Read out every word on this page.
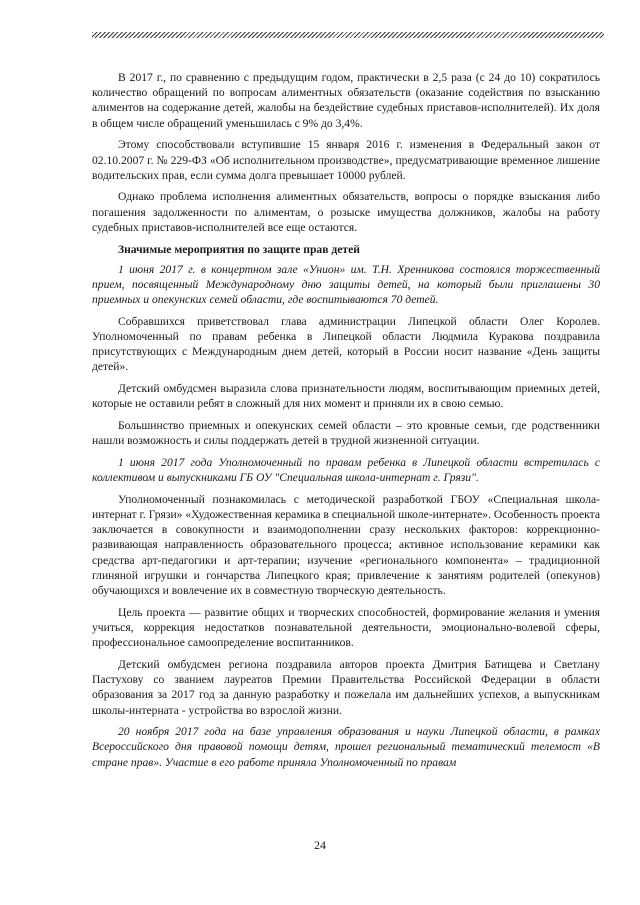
В 2017 г., по сравнению с предыдущим годом, практически в 2,5 раза (с 24 до 10) сократилось количество обращений по вопросам алиментных обязательств (оказание содействия по взысканию алиментов на содержание детей, жалобы на бездействие судебных приставов-исполнителей). Их доля в общем числе обращений уменьшилась с 9% до 3,4%.

Этому способствовали вступившие 15 января 2016 г. изменения в Федеральный закон от 02.10.2007 г. № 229-ФЗ «Об исполнительном производстве», предусматривающие временное лишение водительских прав, если сумма долга превышает 10000 рублей.

Однако проблема исполнения алиментных обязательств, вопросы о порядке взыскания либо погашения задолженности по алиментам, о розыске имущества должников, жалобы на работу судебных приставов-исполнителей все еще остаются.

Значимые мероприятия по защите прав детей

1 июня 2017 г. в концертном зале «Унион» им. Т.Н. Хренникова состоялся торжественный прием, посвященный Международному дню защиты детей, на который были приглашены 30 приемных и опекунских семей области, где воспитываются 70 детей.

Собравшихся приветствовал глава администрации Липецкой области Олег Королев. Уполномоченный по правам ребенка в Липецкой области Людмила Куракова поздравила присутствующих с Международным днем детей, который в России носит название «День защиты детей».

Детский омбудсмен выразила слова признательности людям, воспитывающим приемных детей, которые не оставили ребят в сложный для них момент и приняли их в свою семью.

Большинство приемных и опекунских семей области – это кровные семьи, где родственники нашли возможность и силы поддержать детей в трудной жизненной ситуации.

1 июня 2017 года Уполномоченный по правам ребенка в Липецкой области встретилась с коллективом и выпускниками ГБ ОУ "Специальная школа-интернат г. Грязи".

Уполномоченный познакомилась с методической разработкой ГБОУ «Специальная школа-интернат г. Грязи» «Художественная керамика в специальной школе-интернате». Особенность проекта заключается в совокупности и взаимодополнении сразу нескольких факторов: коррекционно-развивающая направленность образовательного процесса; активное использование керамики как средства арт-педагогики и арт-терапии; изучение «регионального компонента» – традиционной глиняной игрушки и гончарства Липецкого края; привлечение к занятиям родителей (опекунов) обучающихся и вовлечение их в совместную творческую деятельность.

Цель проекта — развитие общих и творческих способностей, формирование желания и умения учиться, коррекция недостатков познавательной деятельности, эмоционально-волевой сферы, профессиональное самоопределение воспитанников.

Детский омбудсмен региона поздравила авторов проекта Дмитрия Батищева и Светлану Пастухову со званием лауреатов Премии Правительства Российской Федерации в области образования за 2017 год за данную разработку и пожелала им дальнейших успехов, а выпускникам школы-интерната - устройства во взрослой жизни.

20 ноября 2017 года на базе управления образования и науки Липецкой области, в рамках Всероссийского дня правовой помощи детям, прошел региональный тематический телемост «В стране прав». Участие в его работе приняла Уполномоченный по правам

24
